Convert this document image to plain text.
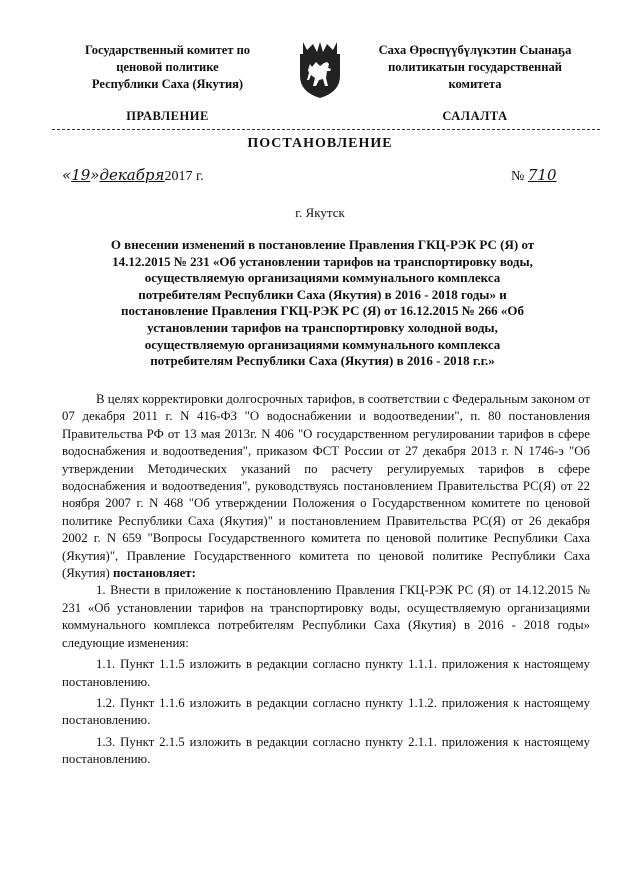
Государственный комитет по
ценовой политике
Республики Саха (Якутия)
Саха Өрөспүүбүлүкэтин Сыанаҕа
политикатын государственнай
комитета
ПРАВЛЕНИЕ	САЛАЛТА
ПОСТАНОВЛЕНИЕ
«19»декабря2017 г.	№ 710
г. Якутск
О внесении изменений в постановление Правления ГКЦ-РЭК РС (Я) от
14.12.2015 № 231 «Об установлении тарифов на транспортировку воды,
осуществляемую организациями коммунального комплекса
потребителям Республики Саха (Якутия) в 2016 - 2018 годы» и
постановление Правления ГКЦ-РЭК РС (Я) от 16.12.2015 № 266 «Об
установлении тарифов на транспортировку холодной воды,
осуществляемую организациями коммунального комплекса
потребителям Республики Саха (Якутия) в 2016 - 2018 г.г.»

В целях корректировки долгосрочных тарифов, в соответствии с Федеральным законом от 07 декабря 2011 г. N 416-ФЗ "О водоснабжении и водоотведении", п. 80 постановления Правительства РФ от 13 мая 2013г. N 406 "О государственном регулировании тарифов в сфере водоснабжения и водоотведения", приказом ФСТ России от 27 декабря 2013 г. N 1746-э "Об утверждении Методических указаний по расчету регулируемых тарифов в сфере водоснабжения и водоотведения", руководствуясь постановлением Правительства РС(Я) от 22 ноября 2007 г. N 468 "Об утверждении Положения о Государственном комитете по ценовой политике Республики Саха (Якутия)" и постановлением Правительства РС(Я) от 26 декабря 2002 г. N 659 "Вопросы Государственного комитета по ценовой политике Республики Саха (Якутия)", Правление Государственного комитета по ценовой политике Республики Саха (Якутия) постановляет:

1. Внести в приложение к постановлению Правления ГКЦ-РЭК РС (Я) от 14.12.2015 № 231 «Об установлении тарифов на транспортировку воды, осуществляемую организациями коммунального комплекса потребителям Республики Саха (Якутия) в 2016 - 2018 годы» следующие изменения:

1.1. Пункт 1.1.5 изложить в редакции согласно пункту 1.1.1. приложения к настоящему постановлению.

1.2. Пункт 1.1.6 изложить в редакции согласно пункту 1.1.2. приложения к настоящему постановлению.

1.3. Пункт 2.1.5 изложить в редакции согласно пункту 2.1.1. приложения к настоящему постановлению.
